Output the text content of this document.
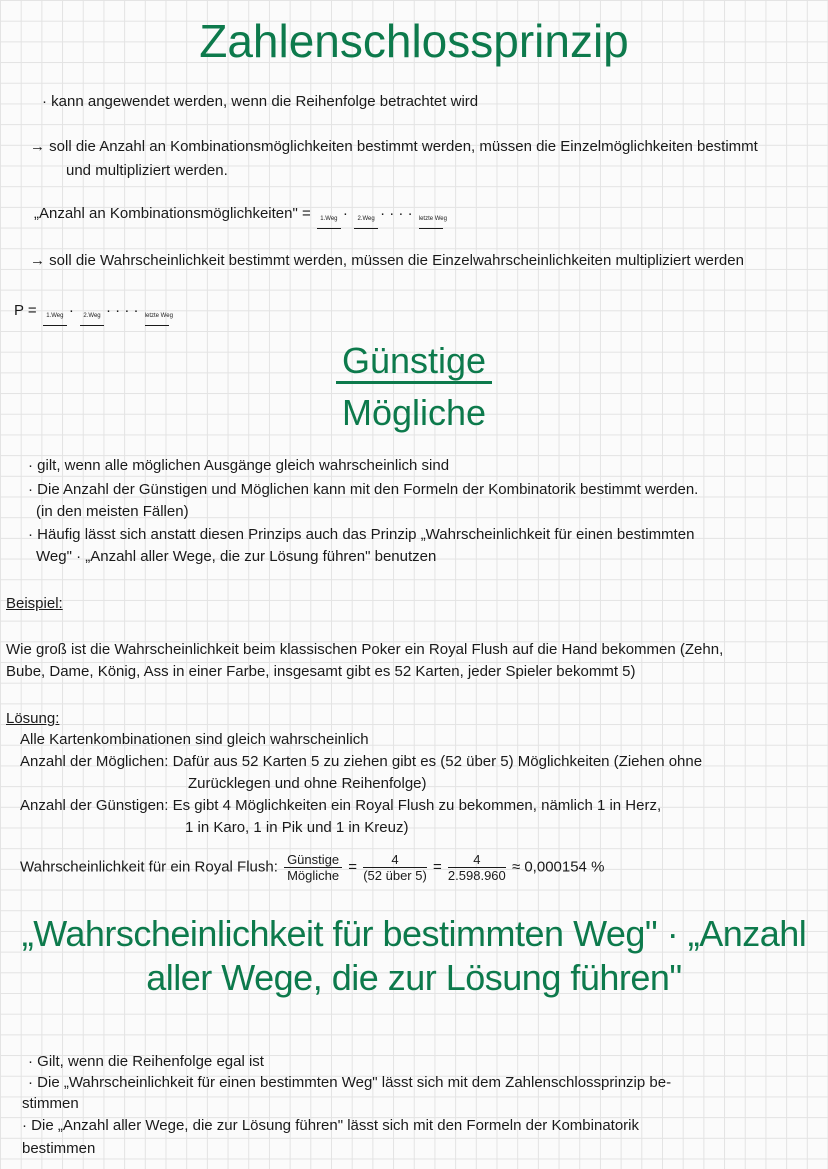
Zahlenschlossprinzip
· kann angewendet werden, wenn die Reihenfolge betrachtet wird
→ soll die Anzahl an Kombinationsmöglichkeiten bestimmt werden, müssen die Einzelmöglichkeiten bestimmt
und multipliziert werden.
„Anzahl an Kombinationsmöglichkeiten" = 1.Weg · 2.Weg · · · · letzte Weg
→ soll die Wahrscheinlichkeit bestimmt werden, müssen die Einzelwahrscheinlichkeiten multipliziert werden
P = 1.Weg · 2.Weg · · · · letzte Weg
Günstige
Mögliche
· gilt, wenn alle möglichen Ausgänge gleich wahrscheinlich sind
· Die Anzahl der Günstigen und Möglichen kann mit den Formeln der Kombinatorik bestimmt werden.
(in den meisten Fällen)
· Häufig lässt sich anstatt diesen Prinzips auch das Prinzip „Wahrscheinlichkeit für einen bestimmten
Weg" · „Anzahl aller Wege, die zur Lösung führen" benutzen
Beispiel:
Wie groß ist die Wahrscheinlichkeit beim klassischen Poker ein Royal Flush auf die Hand bekommen (Zehn,
Bube, Dame, König, Ass in einer Farbe, insgesamt gibt es 52 Karten, jeder Spieler bekommt 5)
Lösung:
Alle Kartenkombinationen sind gleich wahrscheinlich
Anzahl der Möglichen: Dafür aus 52 Karten 5 zu ziehen gibt es (52 über 5) Möglichkeiten (Ziehen ohne
Zurücklegen und ohne Reihenfolge)
Anzahl der Günstigen: Es gibt 4 Möglichkeiten ein Royal Flush zu bekommen, nämlich 1 in Herz,
1 in Karo, 1 in Pik und 1 in Kreuz)
Wahrscheinlichkeit für ein Royal Flush: $\frac{\text{Günstige}}{\text{Mögliche}} = \frac{4}{\text{(52 über 5)}} = \frac{4}{2.598.960} \approx 0,000154$ %
„Wahrscheinlichkeit für bestimmten Weg" · „Anzahl
aller Wege, die zur Lösung führen"
· Gilt, wenn die Reihenfolge egal ist
· Die „Wahrscheinlichkeit für einen bestimmten Weg" lässt sich mit dem Zahlenschlossprinzip be-
stimmen
· Die „Anzahl aller Wege, die zur Lösung führen" lässt sich mit den Formeln der Kombinatorik
bestimmen
